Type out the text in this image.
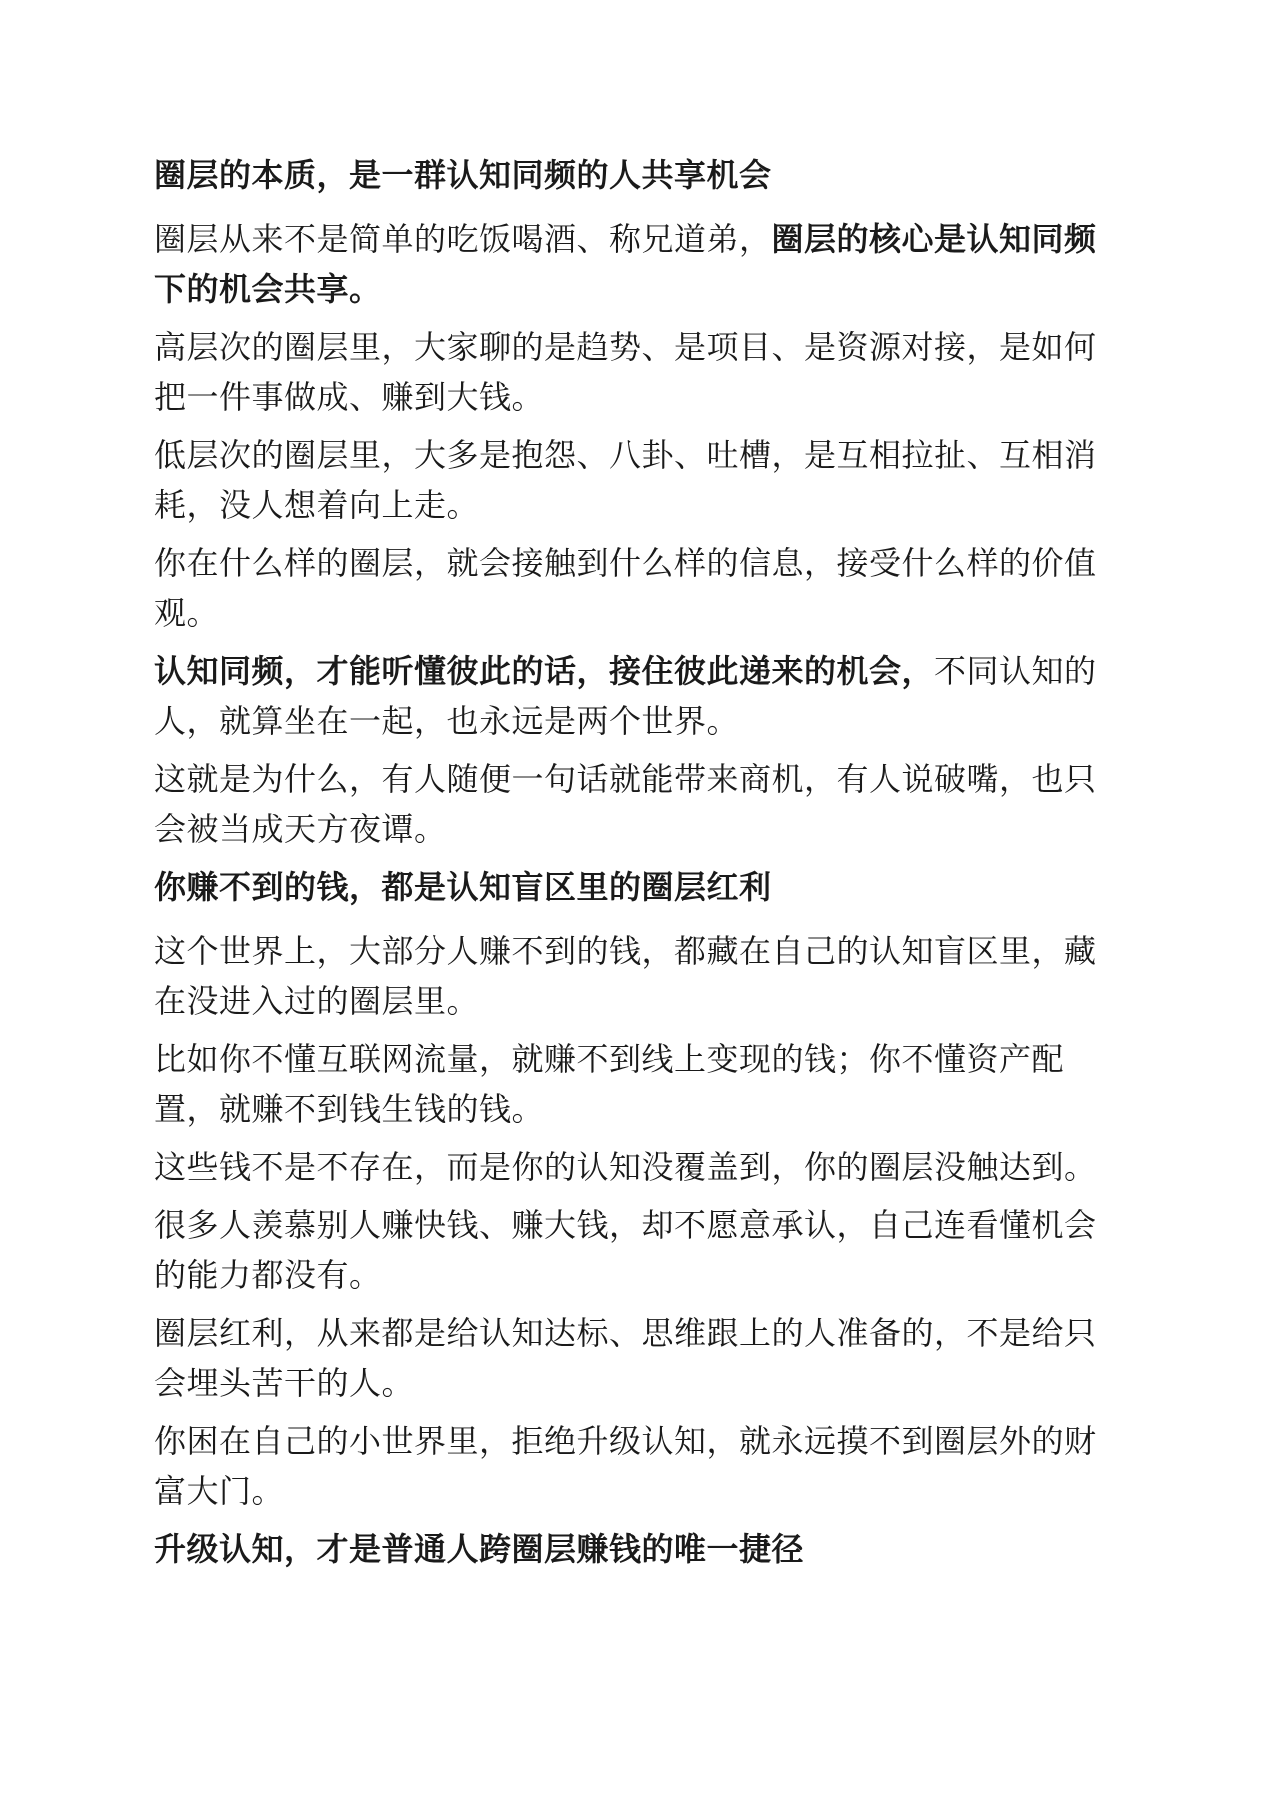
圈层的本质，是一群认知同频的人共享机会

圈层从来不是简单的吃饭喝酒、称兄道弟，圈层的核心是认知同频下的机会共享。

高层次的圈层里，大家聊的是趋势、是项目、是资源对接，是如何把一件事做成、赚到大钱。

低层次的圈层里，大多是抱怨、八卦、吐槽，是互相拉扯、互相消耗，没人想着向上走。

你在什么样的圈层，就会接触到什么样的信息，接受什么样的价值观。

认知同频，才能听懂彼此的话，接住彼此递来的机会，不同认知的人，就算坐在一起，也永远是两个世界。

这就是为什么，有人随便一句话就能带来商机，有人说破嘴，也只会被当成天方夜谭。

你赚不到的钱，都是认知盲区里的圈层红利

这个世界上，大部分人赚不到的钱，都藏在自己的认知盲区里，藏在没进入过的圈层里。

比如你不懂互联网流量，就赚不到线上变现的钱；你不懂资产配置，就赚不到钱生钱的钱。

这些钱不是不存在，而是你的认知没覆盖到，你的圈层没触达到。

很多人羡慕别人赚快钱、赚大钱，却不愿意承认，自己连看懂机会的能力都没有。

圈层红利，从来都是给认知达标、思维跟上的人准备的，不是给只会埋头苦干的人。

你困在自己的小世界里，拒绝升级认知，就永远摸不到圈层外的财富大门。

升级认知，才是普通人跨圈层赚钱的唯一捷径
